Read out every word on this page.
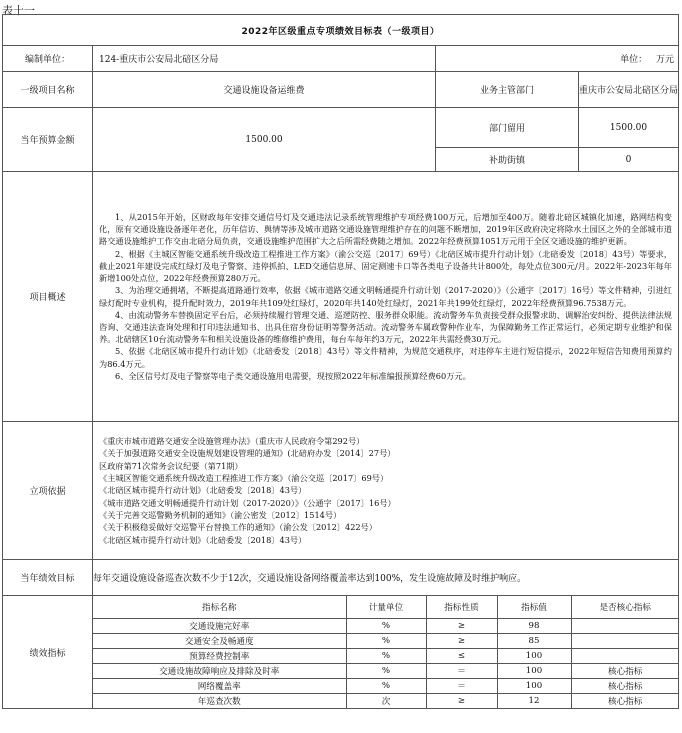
表十一
2022年区级重点专项绩效目标表（一级项目）
编制单位：	124-重庆市公安局北碚区分局	单位： 万元
一级项目名称	交通设施设备运维费	业务主管部门	重庆市公安局北碚区分局
当年预算金额	1500.00	部门留用	1500.00
补助街镇	0
项目概述	

1、从2015年开始，区财政每年安排交通信号灯及交通违法记录系统管理维护专项经费100万元，后增加至400万。随着北碚区城镇化加速，路网结构变化，原有交通设施设备逐年老化，历年信访、舆情等涉及城市道路交通设施管理维护存在的问题不断增加，2019年区政府决定将除水土园区之外的全部城市道路交通设施维护工作交由北碚分局负责，交通设施维护范围扩大之后所需经费随之增加。2022年经费预算1051万元用于全区交通设施的维护更新。

2、根据《主城区智能交通系统升级改造工程推进工作方案》（渝公交巡〔2017〕69号）《北碚区城市提升行动计划》（北碚委发〔2018〕43号）等要求，截止2021年建设完成红绿灯及电子警察、违停抓拍、LED交通信息屏、固定测速卡口等各类电子设备共计800处，每处点位300元/月。2022年-2023年每年新增100处点位，2022年经费预算280万元。

3、为治理交通拥堵，不断提高道路通行效率，依据《城市道路交通文明畅通提升行动计划（2017-2020）》（公通字〔2017〕16号）等文件精神，引进红绿灯配时专业机构，提升配时效力，2019年共109处红绿灯，2020年共140处红绿灯，2021年共199处红绿灯，2022年经费预算96.7538万元。

4、由流动警务车替换固定平台后，必须持续履行管理交通、巡逻防控、服务群众职能。流动警务车负责接受群众报警求助、调解治安纠纷、提供法律法规咨询、交通违法查询处理和打印违法通知书、出具住宿身份证明等警务活动。流动警务车属政警种作业车，为保障勤务工作正常运行，必须定期专业维护和保养。北碚辖区10台流动警务车和相关设施设备的维修维护费用，每台车每年约3万元，2022年共需经费30万元。

5、依据《北碚区城市提升行动计划》（北碚委发〔2018〕43号）等文件精神，为规范交通秩序，对违停车主进行短信提示，2022年短信告知费用预算约为86.4万元。

6、全区信号灯及电子警察等电子类交通设施用电需要，现按照2022年标准编报预算经费60万元。

立项依据	
《重庆市城市道路交通安全设施管理办法》（重庆市人民政府令第292号）
《关于加强道路交通安全设施规划建设管理的通知》(北碚府办发〔2014〕27号）
区政府第71次常务会议纪要（第71期）
《主城区智能交通系统升级改造工程推进工作方案》（渝公交巡〔2017〕69号）
《北碚区城市提升行动计划》（北碚委发〔2018〕43号）
《城市道路交通文明畅通提升行动计划（2017-2020）》（公通字〔2017〕16号）
《关于完善交巡警勤务机制的通知》（渝公密发〔2012〕1514号）
《关于积极稳妥做好交巡警平台替换工作的通知》（渝公发〔2012〕422号）
《北碚区城市提升行动计划》（北碚委发〔2018〕43号）

当年绩效目标	每年交通设施设备巡查次数不少于12次，交通设施设备网络覆盖率达到100%，发生设施故障及时维护响应。
绩效指标	
指标名称	计量单位	指标性质	指标值	是否核心指标
交通设施完好率	%	≥	98	
交通安全及畅通度	%	≥	85	
预算经费控制率	%	≤	100	
交通设施故障响应及排除及时率	%	＝	100	核心指标
网络覆盖率	%	＝	100	核心指标
年巡查次数	次	≥	12	核心指标
